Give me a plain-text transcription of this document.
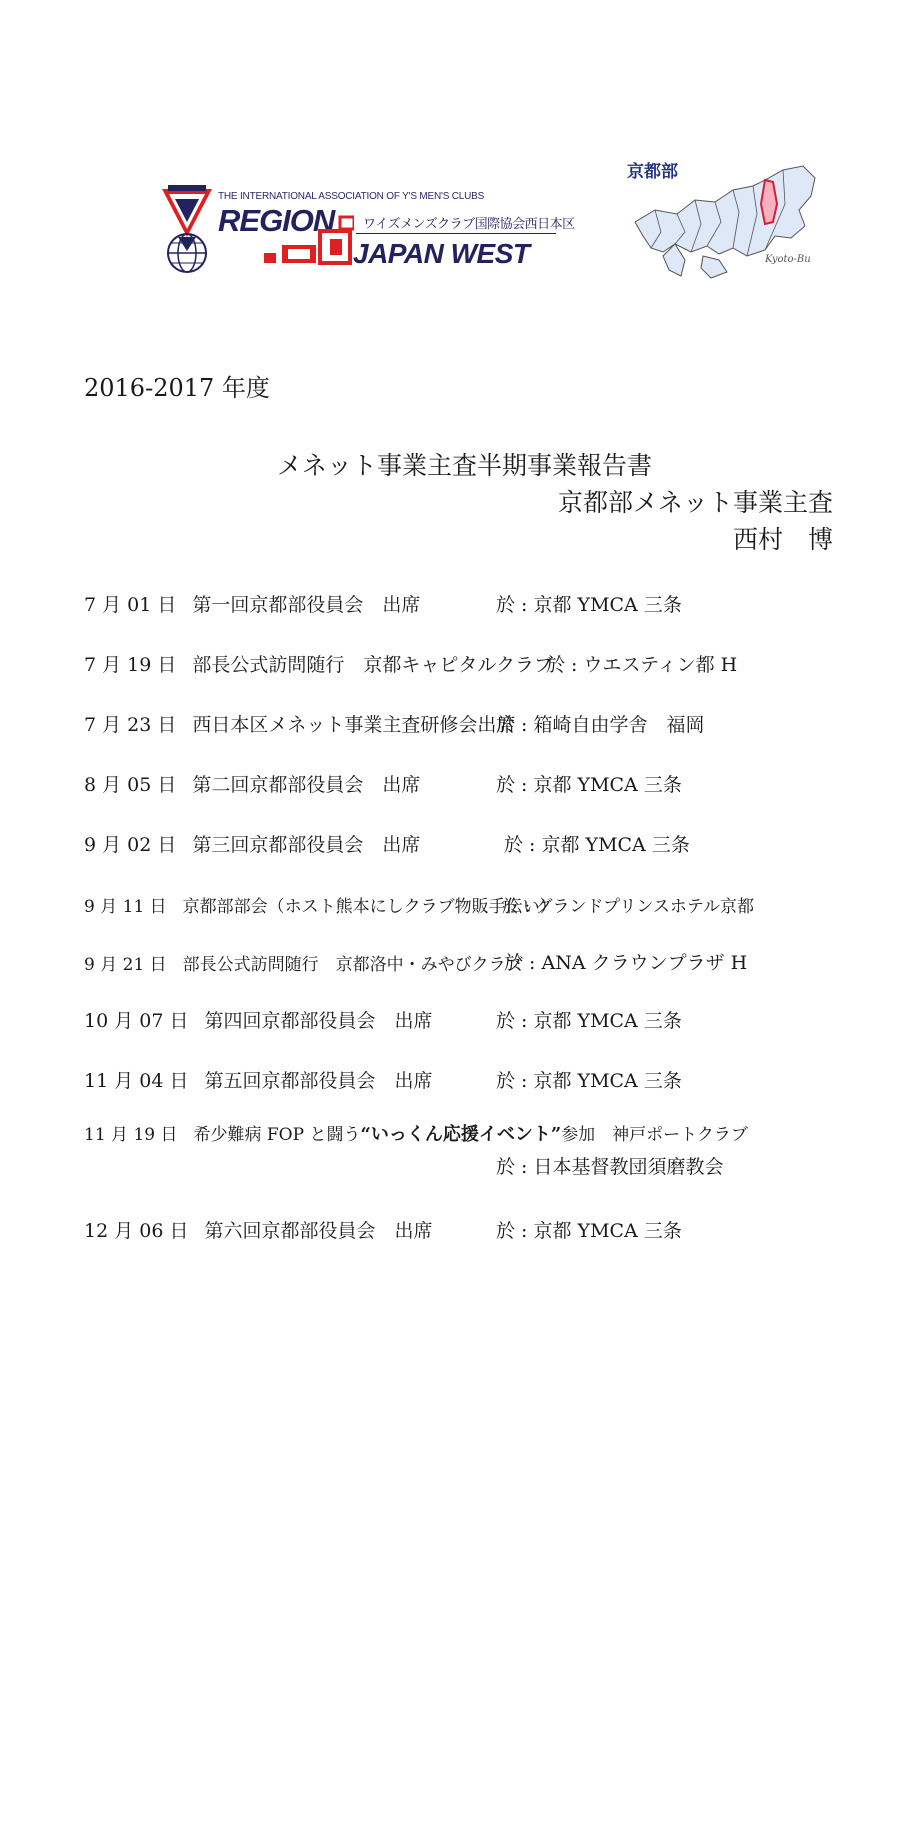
THE INTERNATIONAL ASSOCIATION OF Y'S MEN'S CLUBS
REGION ワイズメンズクラブ国際協会西日本区
JAPAN WEST
京都部
Kyoto-Bu
2016-2017 年度
メネット事業主査半期事業報告書
京都部メネット事業主査
西村　博
7 月 01 日 第一回京都部役員会　出席	於 : 京都 YMCA 三条
7 月 19 日 部長公式訪問随行　京都キャピタルクラブ
於 : ウエスティン都 H
7 月 23 日 西日本区メネット事業主査研修会出席
於 : 箱崎自由学舎　福岡
8 月 05 日 第二回京都部役員会　出席	於 : 京都 YMCA 三条
9 月 02 日 第三回京都部役員会　出席	於 : 京都 YMCA 三条
9 月 11 日 京都部部会（ホスト熊本にしクラブ物販手伝い）
於 : グランドプリンスホテル京都
9 月 21 日 部長公式訪問随行　京都洛中・みやびクラブ
於 : ANA クラウンプラザ H
10 月 07 日 第四回京都部役員会　出席	於 : 京都 YMCA 三条
11 月 04 日 第五回京都部役員会　出席	於 : 京都 YMCA 三条
11 月 19 日 希少難病 FOP と闘う“いっくん応援イベント”参加　神戸ポートクラブ
於 : 日本基督教団須磨教会
12 月 06 日 第六回京都部役員会　出席	於 : 京都 YMCA 三条
